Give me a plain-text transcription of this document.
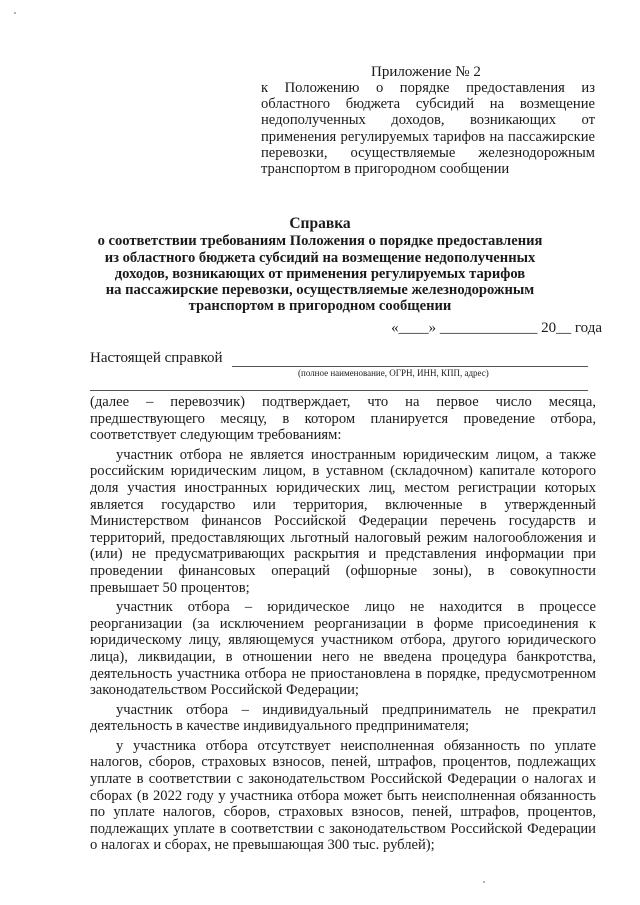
Приложение № 2
к Положению о порядке предоставления из областного бюджета субсидий на возмещение недополученных доходов, возникающих от применения регулируемых тарифов на пассажирские перевозки, осуществляемые железнодорожным транспортом в пригородном сообщении
Справка
о соответствии требованиям Положения о порядке предоставления
из областного бюджета субсидий на возмещение недополученных
доходов, возникающих от применения регулируемых тарифов
на пассажирские перевозки, осуществляемые железнодорожным
транспортом в пригородном сообщении
«____» _____________ 20__ года
Настоящей справкой
(полное наименование, ОГРН, ИНН, КПП, адрес)

(далее – перевозчик) подтверждает, что на первое число месяца, предшествующего месяцу, в котором планируется проведение отбора, соответствует следующим требованиям:

участник отбора не является иностранным юридическим лицом, а также российским юридическим лицом, в уставном (складочном) капитале которого доля участия иностранных юридических лиц, местом регистрации которых является государство или территория, включенные в утвержденный Министерством финансов Российской Федерации перечень государств и территорий, предоставляющих льготный налоговый режим налогообложения и (или) не предусматривающих раскрытия и представления информации при проведении финансовых операций (офшорные зоны), в совокупности превышает 50 процентов;

участник отбора – юридическое лицо не находится в процессе реорганизации (за исключением реорганизации в форме присоединения к юридическому лицу, являющемуся участником отбора, другого юридического лица), ликвидации, в отношении него не введена процедура банкротства, деятельность участника отбора не приостановлена в порядке, предусмотренном законодательством Российской Федерации;

участник отбора – индивидуальный предприниматель не прекратил деятельность в качестве индивидуального предпринимателя;

у участника отбора отсутствует неисполненная обязанность по уплате налогов, сборов, страховых взносов, пеней, штрафов, процентов, подлежащих уплате в соответствии с законодательством Российской Федерации о налогах и сборах (в 2022 году у участника отбора может быть неисполненная обязанность по уплате налогов, сборов, страховых взносов, пеней, штрафов, процентов, подлежащих уплате в соответствии с законодательством Российской Федерации о налогах и сборах, не превышающая 300 тыс. рублей);
